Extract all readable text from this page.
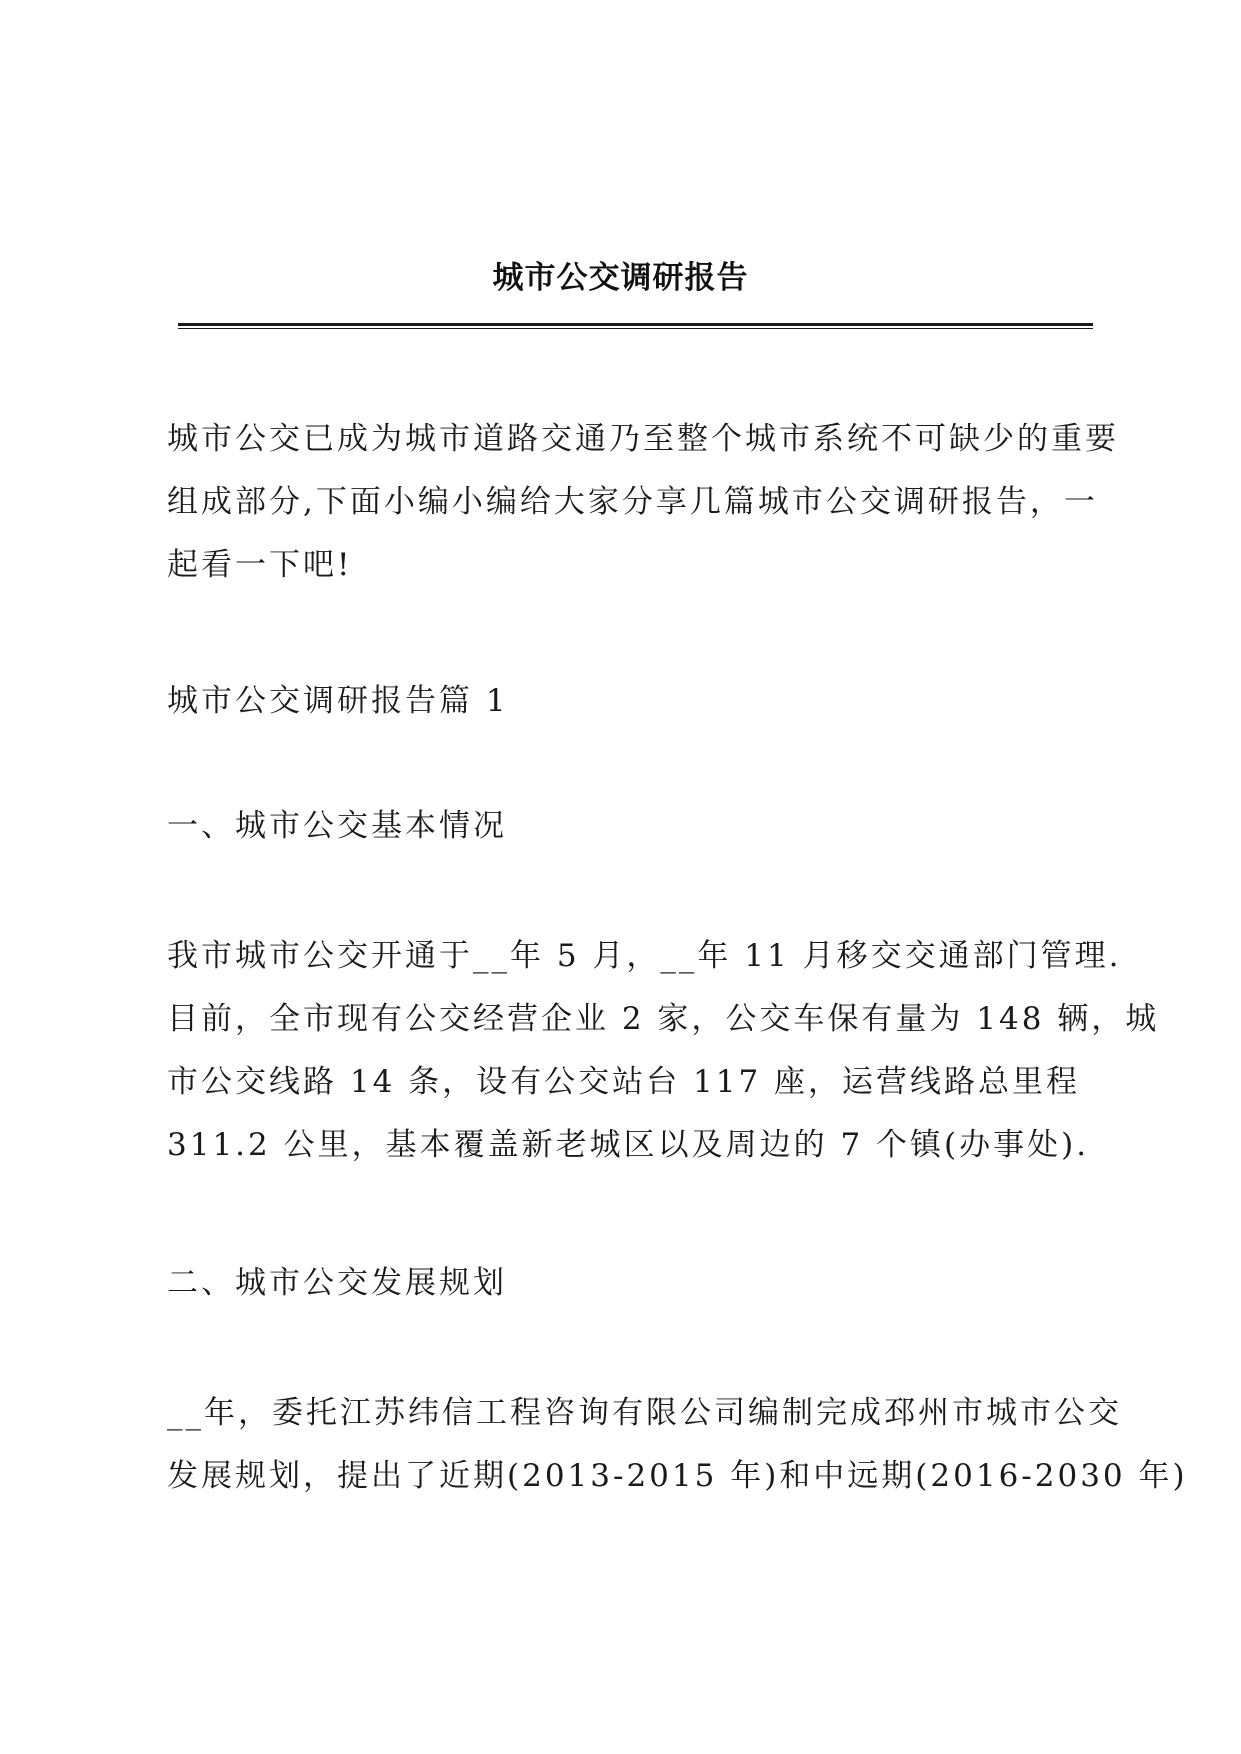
城市公交调研报告
城市公交已成为城市道路交通乃至整个城市系统不可缺少的重要
组成部分,下面小编小编给大家分享几篇城市公交调研报告，一
起看一下吧!
城市公交调研报告篇 1
一、城市公交基本情况
我市城市公交开通于__年 5 月，__年 11 月移交交通部门管理.
目前，全市现有公交经营企业 2 家，公交车保有量为 148 辆，城
市公交线路 14 条，设有公交站台 117 座，运营线路总里程
311.2 公里，基本覆盖新老城区以及周边的 7 个镇(办事处).
二、城市公交发展规划
__年，委托江苏纬信工程咨询有限公司编制完成邳州市城市公交
发展规划，提出了近期(2013-2015 年)和中远期(2016-2030 年)
